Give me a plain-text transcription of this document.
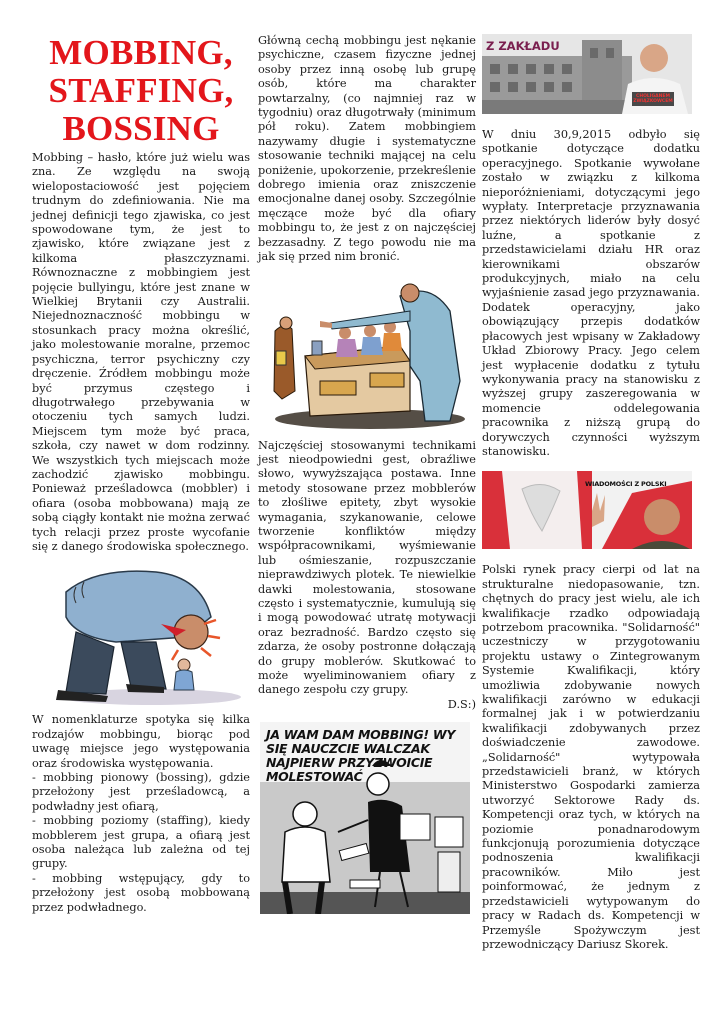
MOBBING,
STAFFING,
BOSSING

Mobbing – hasło, które już wielu was zna. Ze względu na swoją wielopostaciowość jest pojęciem trudnym do zdefiniowania. Nie ma jednej definicji tego zjawiska, co jest spowodowane tym, że jest to zjawisko, które związane jest z kilkoma płaszczyznami. Równoznaczne z mobbingiem jest pojęcie bullyingu, które jest znane w Wielkiej Brytanii czy Australii. Niejednoznaczność mobbingu w stosunkach pracy można określić, jako molestowanie moralne, przemoc psychiczna, terror psychiczny czy dręczenie. Źródłem mobbingu może być przymus częstego i długotrwałego przebywania w otoczeniu tych samych ludzi. Miejscem tym może być praca, szkoła, czy nawet w dom rodzinny. We wszystkich tych miejscach może zachodzić zjawisko mobbingu. Ponieważ prześladowca (mobbler) i ofiara (osoba mobbowana) mają ze sobą ciągły kontakt nie można zerwać tych relacji przez proste wycofanie się z danego środowiska społecznego.

W nomenklaturze spotyka się kilka rodzajów mobbingu, biorąc pod uwagę miejsce jego występowania oraz środowiska występowania.

- mobbing pionowy (bossing), gdzie przełożony jest prześladowcą, a podwładny jest ofiarą,

- mobbing poziomy (staffing), kiedy mobblerem jest grupa, a ofiarą jest osoba należąca lub zależna od tej grupy.

- mobbing wstępujący, gdy to przełożony jest osobą mobbowaną przez podwładnego.

Główną cechą mobbingu jest nękanie psychiczne, czasem fizyczne jednej osoby przez inną osobę lub grupę osób, które ma charakter powtarzalny, (co najmniej raz w tygodniu) oraz długotrwały (minimum pół roku). Zatem mobbingiem nazywamy długie i systematyczne stosowanie techniki mającej na celu poniżenie, upokorzenie, przekreślenie dobrego imienia oraz zniszczenie emocjonalne danej osoby. Szczególnie męczące może być dla ofiary mobbingu to, że jest z on najczęściej bezzasadny. Z tego powodu nie ma jak się przed nim bronić.

Najczęściej stosowanymi technikami jest nieodpowiedni gest, obraźliwe słowo, wywyższająca postawa. Inne metody stosowane przez mobblerów to złośliwe epitety, zbyt wysokie wymagania, szykanowanie, celowe tworzenie konfliktów między współpracownikami, wyśmiewanie lub ośmieszanie, rozpuszczanie nieprawdziwych plotek. Te niewielkie dawki molestowania, stosowane często i systematycznie, kumulują się i mogą powodować utratę motywacji oraz bezradność. Bardzo często się zdarza, że osoby postronne dołączają do grupy moblerów. Skutkować to może wyeliminowaniem ofiary z danego zespołu czy grupy.

D.S:)

JA WAM DAM MOBBING! WY SIĘ NAUCZCIE WALCZAK NAJPIERW PRZYZWOICIE MOLESTOWAĆ
Z ZAKŁADU
CHOLIGANEM ZWIĄZKOWCEM

W dniu 30,9,2015 odbyło się spotkanie dotyczące dodatku operacyjnego. Spotkanie wywołane zostało w związku z kilkoma nieporóżnieniami, dotyczącymi jego wypłaty. Interpretacje przyznawania przez niektórych liderów były dosyć luźne, a spotkanie z przedstawicielami działu HR oraz kierownikami obszarów produkcyjnych, miało na celu wyjaśnienie zasad jego przyznawania. Dodatek operacyjny, jako obowiązujący przepis dodatków płacowych jest wpisany w Zakładowy Układ Zbiorowy Pracy. Jego celem jest wypłacenie dodatku z tytułu wykonywania pracy na stanowisku z wyższej grupy zaszeregowania w momencie oddelegowania pracownika z niższą grupą do dorywczych czynności wyższym stanowisku.

WIADOMOŚCI Z POLSKI

Polski rynek pracy cierpi od lat na strukturalne niedopasowanie, tzn. chętnych do pracy jest wielu, ale ich kwalifikacje rzadko odpowiadają potrzebom pracownika. "Solidarność" uczestniczy w przygotowaniu projektu ustawy o Zintegrowanym Systemie Kwalifikacji, który umożliwia zdobywanie nowych kwalifikacji zarówno w edukacji formalnej jak i w potwierdzaniu kwalifikacji zdobywanych przez doświadczenie zawodowe. „Solidarność" wytypowała przedstawicieli branż, w których Ministerstwo Gospodarki zamierza utworzyć Sektorowe Rady ds. Kompetencji oraz tych, w których na poziomie ponadnarodowym funkcjonują porozumienia dotyczące podnoszenia kwalifikacji pracowników. Miło jest poinformować, że jednym z przedstawicieli wytypowanym do pracy w Radach ds. Kompetencji w Przemyśle Spożywczym jest przewodniczący Dariusz Skorek.
